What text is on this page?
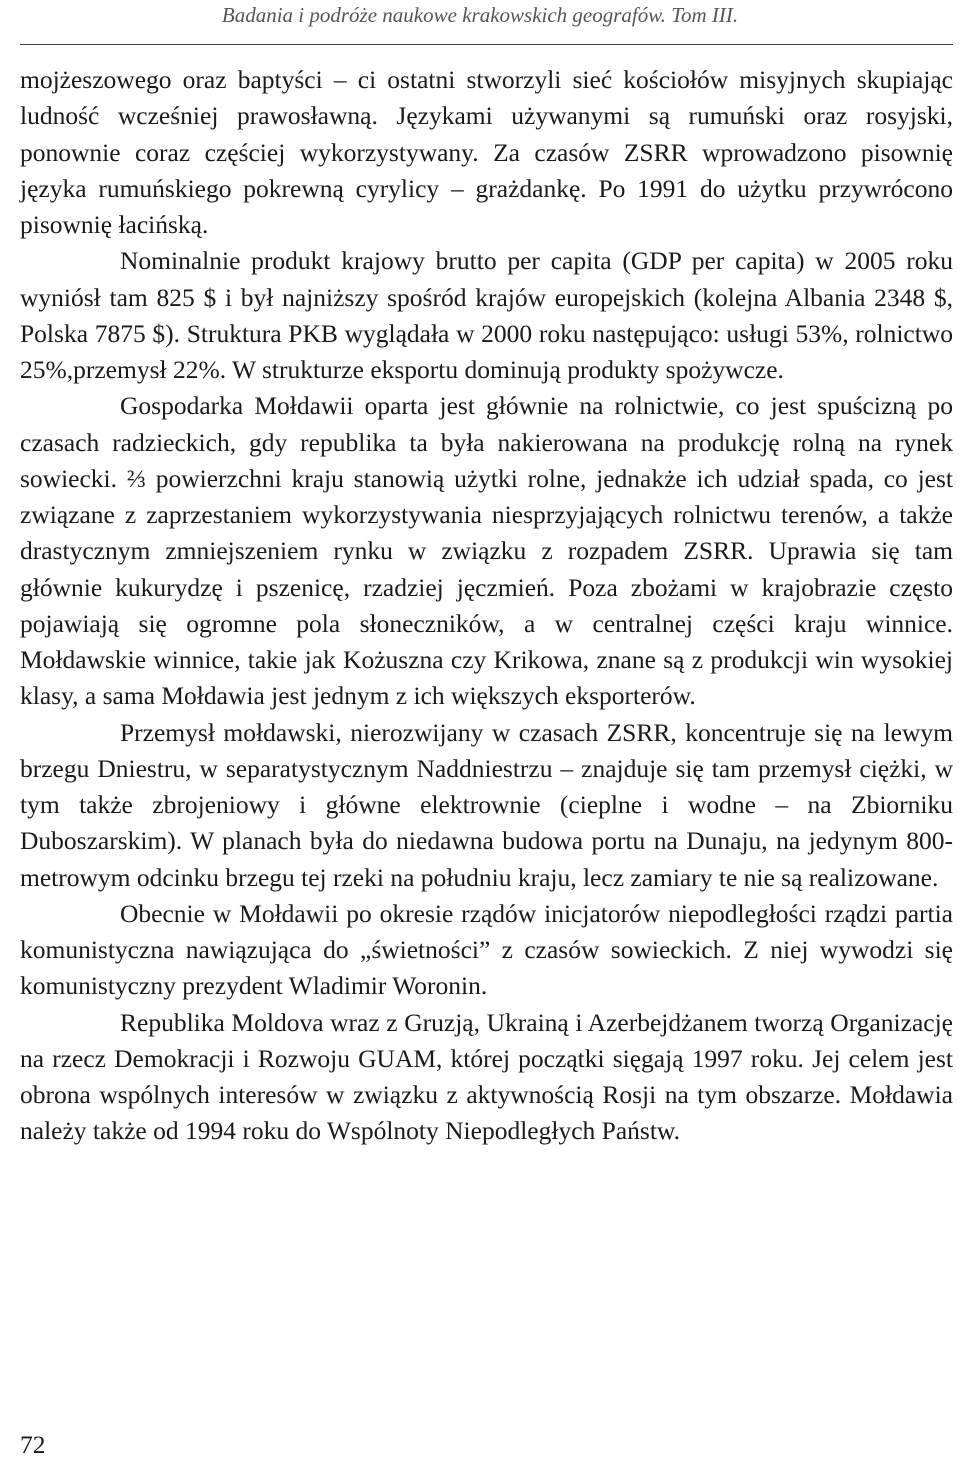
Badania i podróże naukowe krakowskich geografów. Tom III.

mojżeszowego oraz baptyści – ci ostatni stworzyli sieć kościołów misyjnych skupiając ludność wcześniej prawosławną. Językami używanymi są rumuński oraz rosyjski, ponownie coraz częściej wykorzystywany. Za czasów ZSRR wprowadzono pisownię języka rumuńskiego pokrewną cyrylicy – grażdankę. Po 1991 do użytku przywrócono pisownię łacińską.

Nominalnie produkt krajowy brutto per capita (GDP per capita) w 2005 roku wyniósł tam 825 $ i był najniższy spośród krajów europejskich (kolejna Albania 2348 $, Polska 7875 $). Struktura PKB wyglądała w 2000 roku następująco: usługi 53%, rolnictwo 25%,przemysł 22%. W strukturze eksportu dominują produkty spożywcze.

Gospodarka Mołdawii oparta jest głównie na rolnictwie, co jest spuścizną po czasach radzieckich, gdy republika ta była nakierowana na produkcję rolną na rynek sowiecki. ⅔ powierzchni kraju stanowią użytki rolne, jednakże ich udział spada, co jest związane z zaprzestaniem wykorzystywania niesprzyjających rolnictwu terenów, a także drastycznym zmniejszeniem rynku w związku z rozpadem ZSRR. Uprawia się tam głównie kukurydzę i pszenicę, rzadziej jęczmień. Poza zbożami w krajobrazie często pojawiają się ogromne pola słoneczników, a w centralnej części kraju winnice. Mołdawskie winnice, takie jak Kożuszna czy Krikowa, znane są z produkcji win wysokiej klasy, a sama Mołdawia jest jednym z ich większych eksporterów.

Przemysł mołdawski, nierozwijany w czasach ZSRR, koncentruje się na lewym brzegu Dniestru, w separatystycznym Naddniestrzu – znajduje się tam przemysł ciężki, w tym także zbrojeniowy i główne elektrownie (cieplne i wodne – na Zbiorniku Duboszarskim). W planach była do niedawna budowa portu na Dunaju, na jedynym 800-metrowym odcinku brzegu tej rzeki na południu kraju, lecz zamiary te nie są realizowane.

Obecnie w Mołdawii po okresie rządów inicjatorów niepodległości rządzi partia komunistyczna nawiązująca do „świetności” z czasów sowieckich. Z niej wywodzi się komunistyczny prezydent Wladimir Woronin.

Republika Moldova wraz z Gruzją, Ukrainą i Azerbejdżanem tworzą Organizację na rzecz Demokracji i Rozwoju GUAM, której początki sięgają 1997 roku. Jej celem jest obrona wspólnych interesów w związku z aktywnością Rosji na tym obszarze. Mołdawia należy także od 1994 roku do Wspólnoty Niepodległych Państw.

72
